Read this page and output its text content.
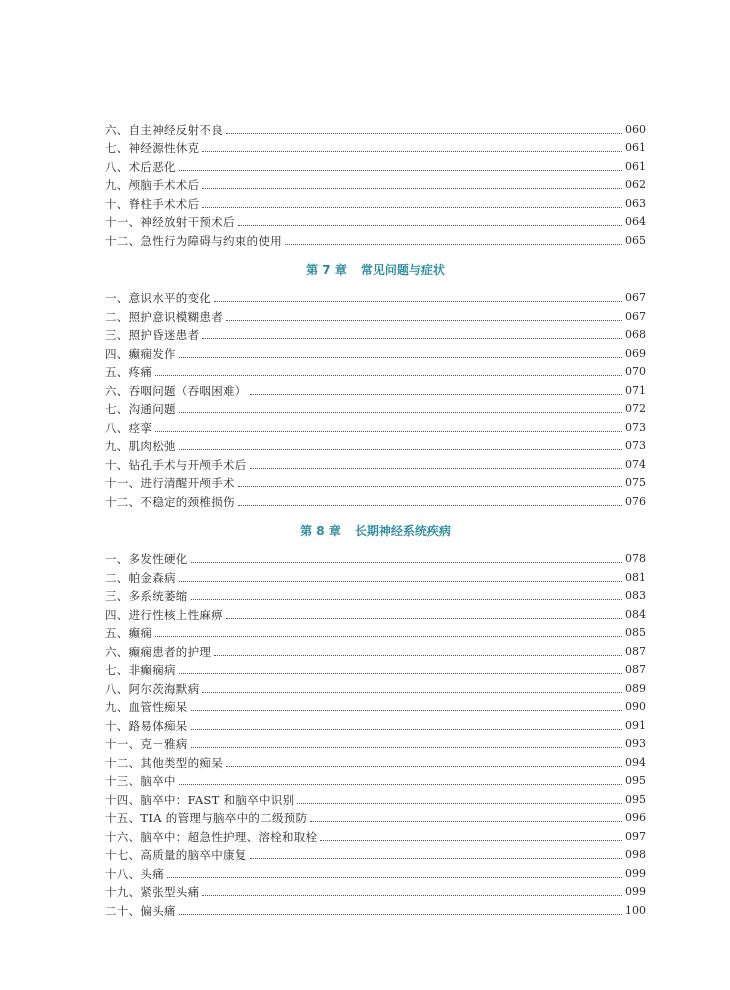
六、自主神经反射不良	060
七、神经源性休克	061
八、术后恶化	061
九、颅脑手术术后	062
十、脊柱手术术后	063
十一、神经放射干预术后	064
十二、急性行为障碍与约束的使用	065
第 7 章 常见问题与症状
一、意识水平的变化	067
二、照护意识模糊患者	067
三、照护昏迷患者	068
四、癫痫发作	069
五、疼痛	070
六、吞咽问题（吞咽困难）	071
七、沟通问题	072
八、痉挛	073
九、肌肉松弛	073
十、钻孔手术与开颅手术后	074
十一、进行清醒开颅手术	075
十二、不稳定的颈椎损伤	076
第 8 章 长期神经系统疾病
一、多发性硬化	078
二、帕金森病	081
三、多系统萎缩	083
四、进行性核上性麻痹	084
五、癫痫	085
六、癫痫患者的护理	087
七、非癫痫病	087
八、阿尔茨海默病	089
九、血管性痴呆	090
十、路易体痴呆	091
十一、克－雅病	093
十二、其他类型的痴呆	094
十三、脑卒中	095
十四、脑卒中：FAST 和脑卒中识别	095
十五、TIA 的管理与脑卒中的二级预防	096
十六、脑卒中：超急性护理、溶栓和取栓	097
十七、高质量的脑卒中康复	098
十八、头痛	099
十九、紧张型头痛	099
二十、偏头痛	100
